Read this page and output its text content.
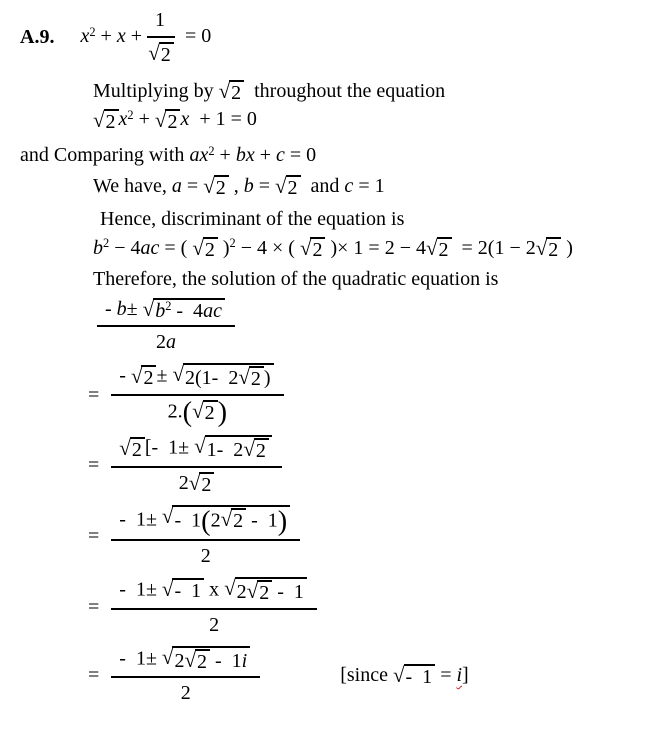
A.9. $x^2 + x + \frac{1}{√ 2} = 0$
Multiplying by √ 2 throughout the equation
√ 2 $x^2$ + √ 2 x  + 1 = 0
and Comparing with $ax^2$ + bx + c = 0
We have, a = √ 2 , b = √ 2 and c = 1
Hence, discriminant of the equation is
$b^2 - 4ac$ = ( √ 2 )$^2$ − 4 × ( √ 2 )× 1 = 2 − 4 √ 2 = 2(1 − 2 √ 2 )
Therefore, the solution of the quadratic equation is
$\frac{- b\pm √ b^2 - 4ac}{2a}$
= $\frac{- √ 2 \pm √ 2(1- 2 √ 2 )}{2.( √ 2 )}$
= $\frac{√ 2 [- 1\pm √ 1- 2 √ 2}{2 √ 2}$
= $\frac{- 1\pm √ - 1(2 √ 2 - 1)}{2}$
= $\frac{- 1\pm √ - 1 x √ 2 √ 2 - 1}{2}$
= $\frac{- 1\pm √ 2 √ 2 - 1i}{2}$	[since √ -  1 = i]
